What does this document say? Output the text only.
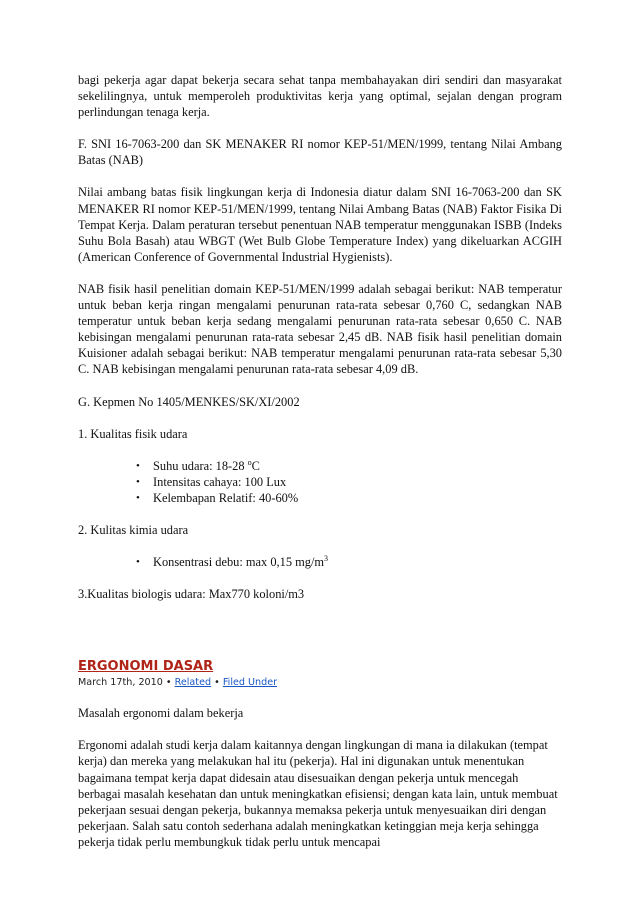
bagi pekerja agar dapat bekerja secara sehat tanpa membahayakan diri sendiri dan masyarakat sekelilingnya, untuk memperoleh produktivitas kerja yang optimal, sejalan dengan program perlindungan tenaga kerja.

F. SNI 16-7063-200 dan SK MENAKER RI nomor KEP-51/MEN/1999, tentang Nilai Ambang Batas (NAB)

Nilai ambang batas fisik lingkungan kerja di Indonesia diatur dalam SNI 16-7063-200 dan SK MENAKER RI nomor KEP-51/MEN/1999, tentang Nilai Ambang Batas (NAB) Faktor Fisika Di Tempat Kerja. Dalam peraturan tersebut penentuan NAB temperatur menggunakan ISBB (Indeks Suhu Bola Basah) atau WBGT (Wet Bulb Globe Temperature Index) yang dikeluarkan ACGIH (American Conference of Governmental Industrial Hygienists).

NAB fisik hasil penelitian domain KEP-51/MEN/1999 adalah sebagai berikut: NAB temperatur untuk beban kerja ringan mengalami penurunan rata-rata sebesar 0,760 C, sedangkan NAB temperatur untuk beban kerja sedang mengalami penurunan rata-rata sebesar 0,650 C. NAB kebisingan mengalami penurunan rata-rata sebesar 2,45 dB. NAB fisik hasil penelitian domain Kuisioner adalah sebagai berikut: NAB temperatur mengalami penurunan rata-rata sebesar 5,30 C. NAB kebisingan mengalami penurunan rata-rata sebesar 4,09 dB.

G. Kepmen No 1405/MENKES/SK/XI/2002

1. Kualitas fisik udara

• Suhu udara: 18-28 $^o$C
• Intensitas cahaya: 100 Lux
• Kelembapan Relatif: 40-60%

2. Kulitas kimia udara

• Konsentrasi debu: max 0,15 $mg/m^3$

3.Kualitas biologis udara: Max770 koloni/m3

ERGONOMI DASAR
March 17th, 2010 • Related • Filed Under

Masalah ergonomi dalam bekerja

Ergonomi adalah studi kerja dalam kaitannya dengan lingkungan di mana ia dilakukan (tempat kerja) dan mereka yang melakukan hal itu (pekerja). Hal ini digunakan untuk menentukan bagaimana tempat kerja dapat didesain atau disesuaikan dengan pekerja untuk mencegah berbagai masalah kesehatan dan untuk meningkatkan efisiensi; dengan kata lain, untuk membuat pekerjaan sesuai dengan pekerja, bukannya memaksa pekerja untuk menyesuaikan diri dengan pekerjaan. Salah satu contoh sederhana adalah meningkatkan ketinggian meja kerja sehingga pekerja tidak perlu membungkuk tidak perlu untuk mencapai
